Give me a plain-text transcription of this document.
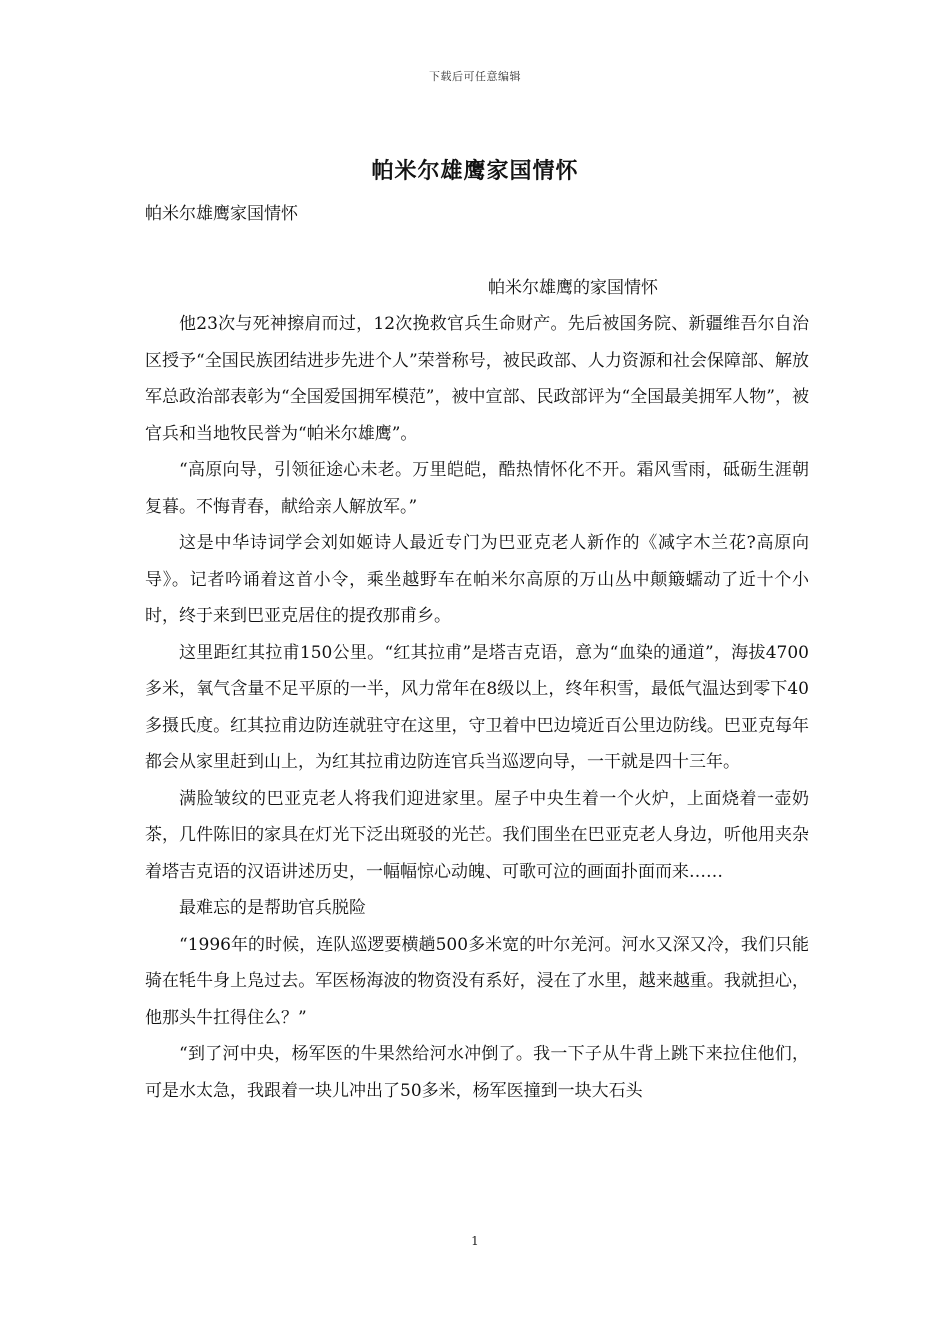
下载后可任意编辑
帕米尔雄鹰家国情怀

帕米尔雄鹰家国情怀

帕米尔雄鹰的家国情怀

他23次与死神擦肩而过，12次挽救官兵生命财产。先后被国务院、新疆维吾尔自治区授予“全国民族团结进步先进个人”荣誉称号，被民政部、人力资源和社会保障部、解放军总政治部表彰为“全国爱国拥军模范”，被中宣部、民政部评为“全国最美拥军人物”，被官兵和当地牧民誉为“帕米尔雄鹰”。

“高原向导，引领征途心未老。万里皑皑，酷热情怀化不开。霜风雪雨，砥砺生涯朝复暮。不悔青春，献给亲人解放军。”

这是中华诗词学会刘如姬诗人最近专门为巴亚克老人新作的《减字木兰花?高原向导》。记者吟诵着这首小令，乘坐越野车在帕米尔高原的万山丛中颠簸蠕动了近十个小时，终于来到巴亚克居住的提孜那甫乡。

这里距红其拉甫150公里。“红其拉甫”是塔吉克语，意为“血染的通道”，海拔4700多米，氧气含量不足平原的一半，风力常年在8级以上，终年积雪，最低气温达到零下40多摄氏度。红其拉甫边防连就驻守在这里，守卫着中巴边境近百公里边防线。巴亚克每年都会从家里赶到山上，为红其拉甫边防连官兵当巡逻向导，一干就是四十三年。

满脸皱纹的巴亚克老人将我们迎进家里。屋子中央生着一个火炉，上面烧着一壶奶茶，几件陈旧的家具在灯光下泛出斑驳的光芒。我们围坐在巴亚克老人身边，听他用夹杂着塔吉克语的汉语讲述历史，一幅幅惊心动魄、可歌可泣的画面扑面而来……

最难忘的是帮助官兵脱险

“1996年的时候，连队巡逻要横趟500多米宽的叶尔羌河。河水又深又冷，我们只能骑在牦牛身上凫过去。军医杨海波的物资没有系好，浸在了水里，越来越重。我就担心，他那头牛扛得住么？”

“到了河中央，杨军医的牛果然给河水冲倒了。我一下子从牛背上跳下来拉住他们，可是水太急，我跟着一块儿冲出了50多米，杨军医撞到一块大石头

1
